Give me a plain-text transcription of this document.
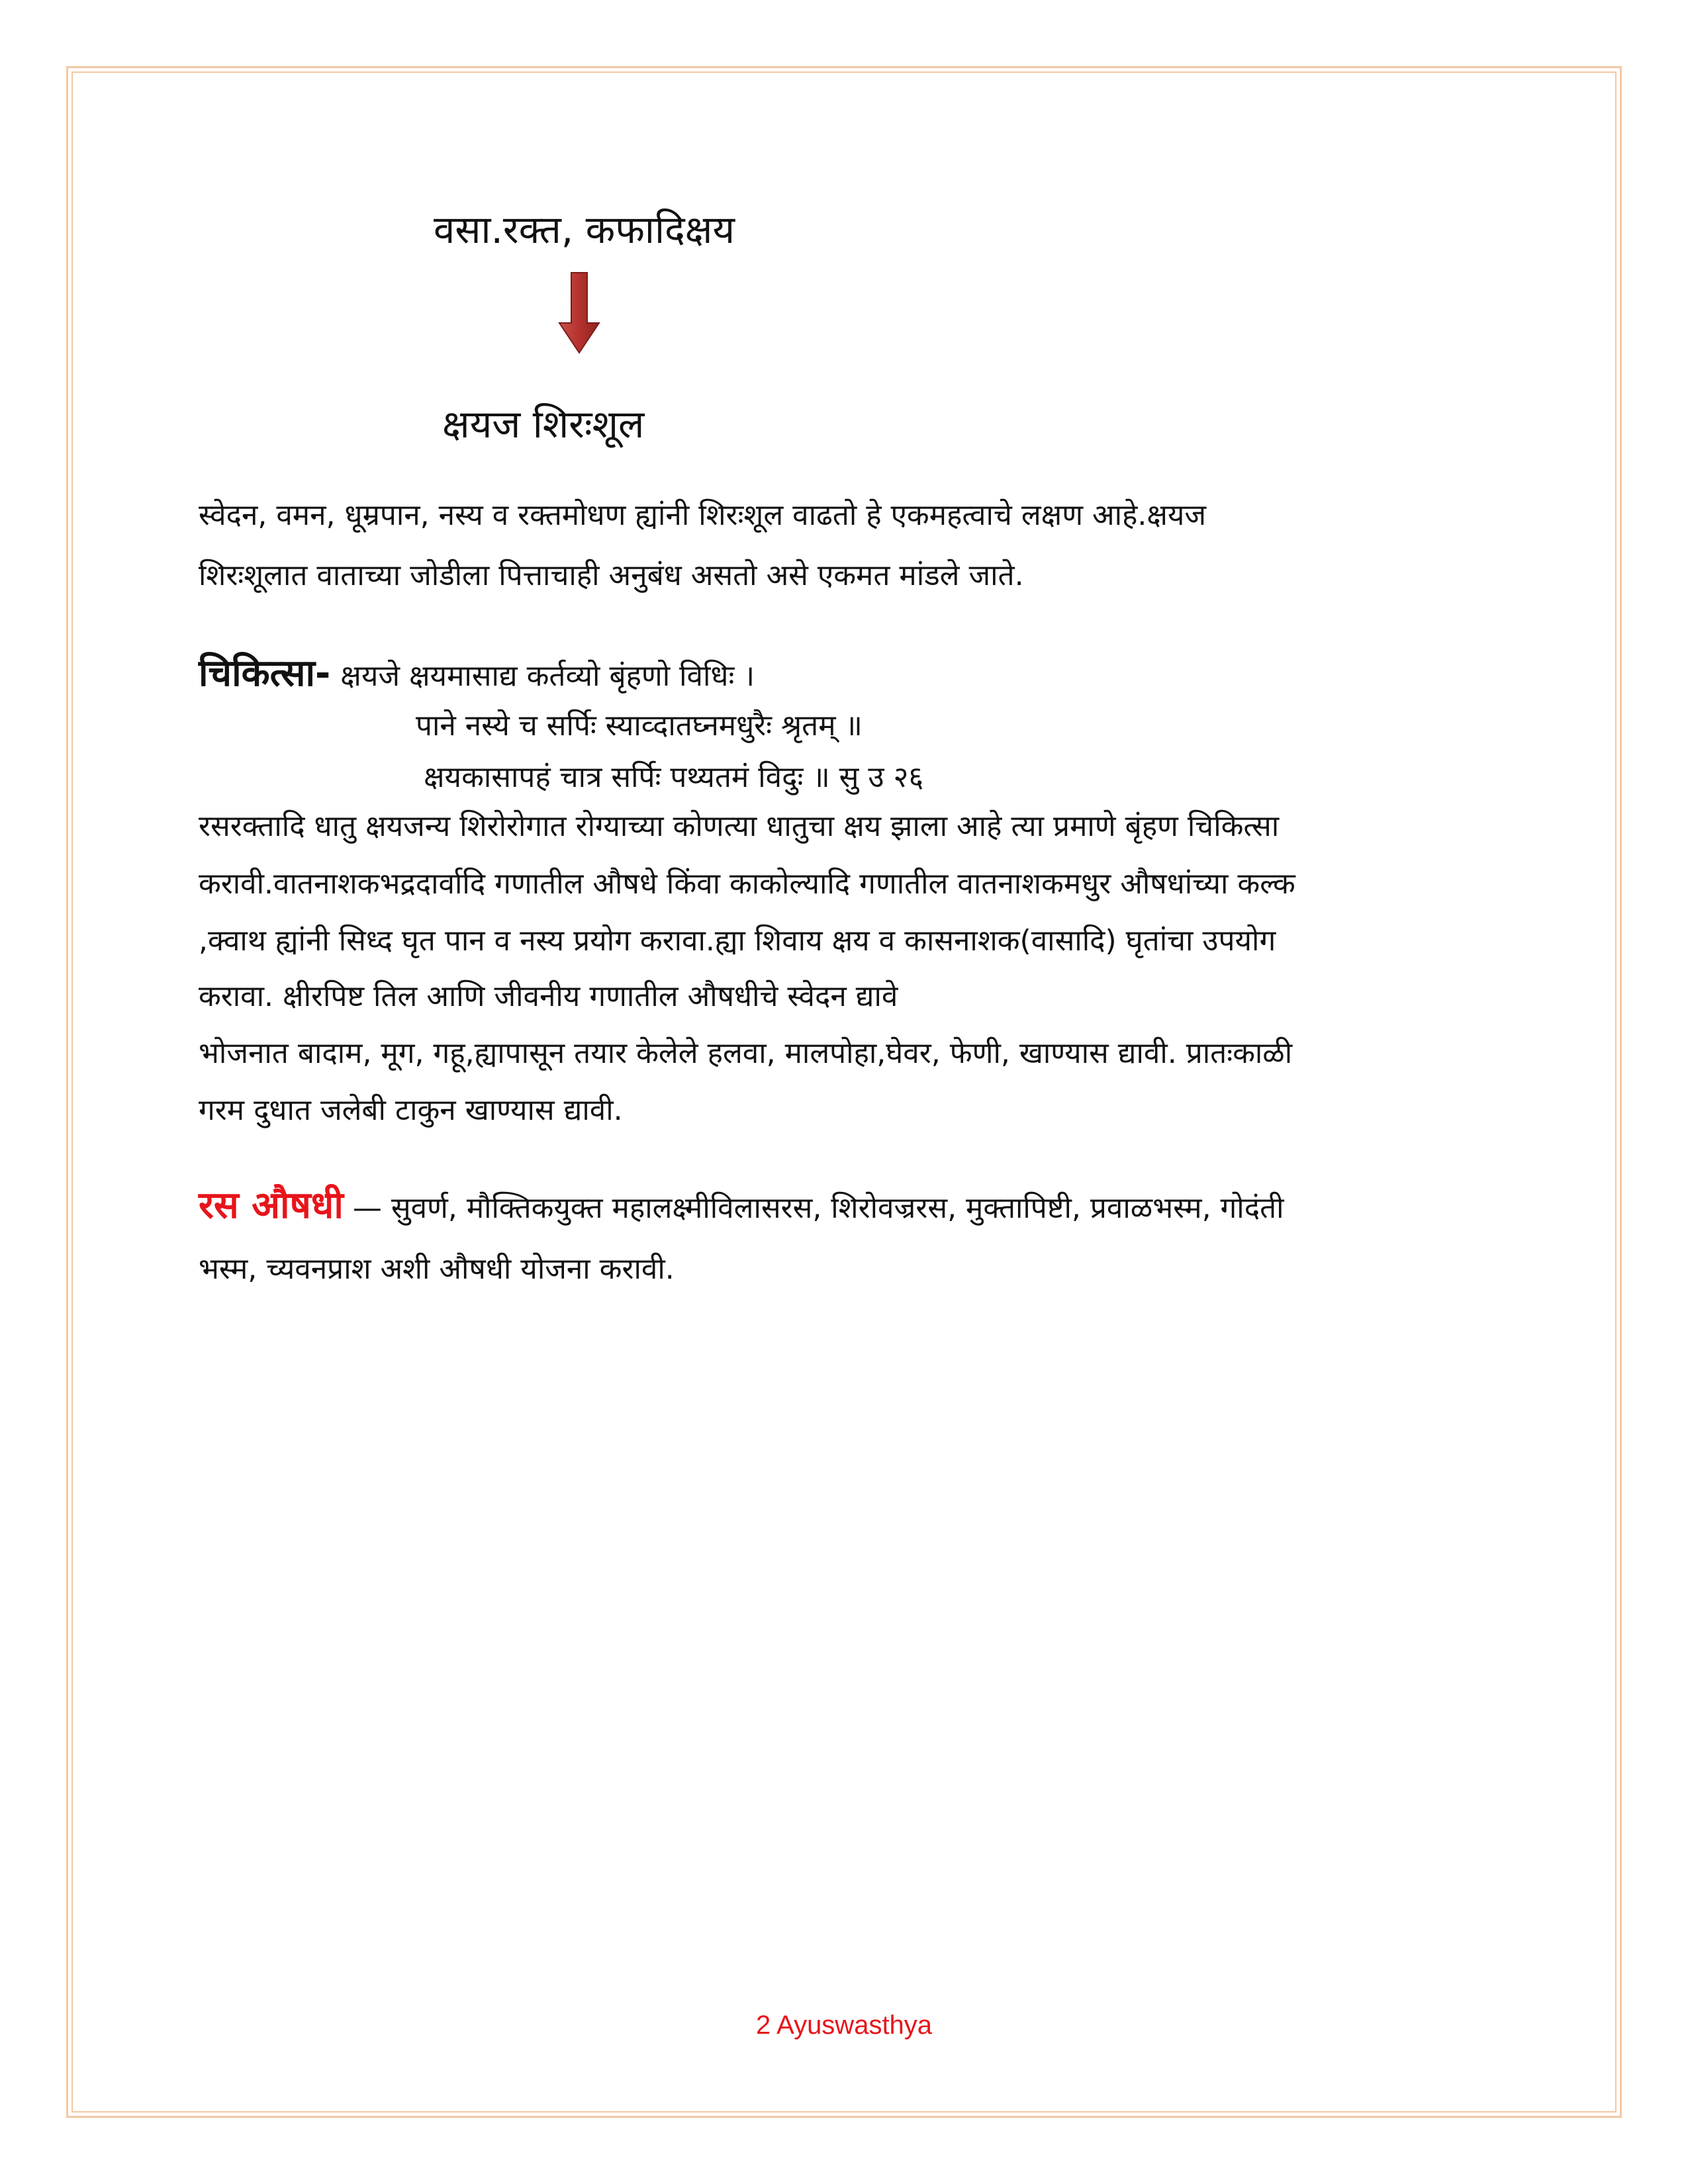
वसा.रक्त, कफादिक्षय
क्षयज शिरःशूल
स्वेदन, वमन, धूम्रपान, नस्य व रक्तमोधण ह्यांनी शिरःशूल वाढतो हे एकमहत्वाचे लक्षण आहे.क्षयज
शिरःशूलात वाताच्या जोडीला पित्ताचाही अनुबंध असतो असे एकमत मांडले जाते.
चिकित्सा- क्षयजे क्षयमासाद्य कर्तव्यो बृंहणो विधिः ।
पाने नस्ये च सर्पिः स्याव्दातघ्नमधुरैः श्रृतम् ॥
क्षयकासापहं चात्र सर्पिः पथ्यतमं विदुः ॥ सु उ २६
रसरक्तादि धातु क्षयजन्य शिरोरोगात रोग्याच्या कोणत्या धातुचा क्षय झाला आहे त्या प्रमाणे बृंहण चिकित्सा
करावी.वातनाशकभद्रदार्वादि गणातील औषधे किंवा काकोल्यादि गणातील वातनाशकमधुर औषधांच्या कल्क
,क्वाथ ह्यांनी सिध्द घृत पान व नस्य प्रयोग करावा.ह्या शिवाय क्षय व कासनाशक(वासादि) घृतांचा उपयोग
करावा. क्षीरपिष्ट तिल आणि जीवनीय गणातील औषधीचे स्वेदन द्यावे
भोजनात बादाम, मूग, गहू,ह्यापासून तयार केलेले हलवा, मालपोहा,घेवर, फेणी, खाण्यास द्यावी. प्रातःकाळी
गरम दुधात जलेबी टाकुन खाण्यास द्यावी.
रस औषधी — सुवर्ण, मौक्तिकयुक्त महालक्ष्मीविलासरस, शिरोवज्ररस, मुक्तापिष्टी, प्रवाळभस्म, गोदंती
भस्म, च्यवनप्राश अशी औषधी योजना करावी.
2 Ayuswasthya
